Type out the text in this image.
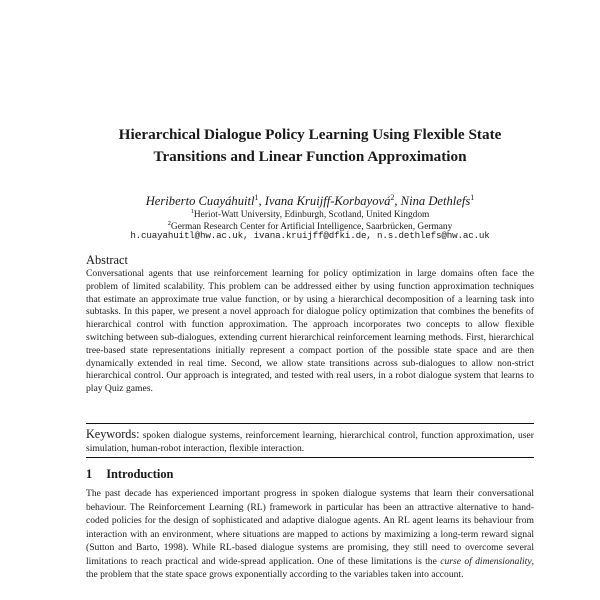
Hierarchical Dialogue Policy Learning Using Flexible State Transitions and Linear Function Approximation
Heriberto Cuayáhuitl$^1$, Ivana Kruijff-Korbayová$^2$, Nina Dethlefs$^1$
$^1$Heriot-Watt University, Edinburgh, Scotland, United Kingdom
$^2$German Research Center for Artificial Intelligence, Saarbrücken, Germany
h.cuayahuitl@hw.ac.uk, ivana.kruijff@dfki.de, n.s.dethlefs@hw.ac.uk
Abstract

Conversational agents that use reinforcement learning for policy optimization in large domains often face the problem of limited scalability. This problem can be addressed either by using function approximation techniques that estimate an approximate true value function, or by using a hierarchical decomposition of a learning task into subtasks. In this paper, we present a novel approach for dialogue policy optimization that combines the benefits of hierarchical control with function approximation. The approach incorporates two concepts to allow flexible switching between sub-dialogues, extending current hierarchical reinforcement learning methods. First, hierarchical tree-based state representations initially represent a compact portion of the possible state space and are then dynamically extended in real time. Second, we allow state transitions across sub-dialogues to allow non-strict hierarchical control. Our approach is integrated, and tested with real users, in a robot dialogue system that learns to play Quiz games.

Keywords: spoken dialogue systems, reinforcement learning, hierarchical control, function approximation, user simulation, human-robot interaction, flexible interaction.

1 Introduction

The past decade has experienced important progress in spoken dialogue systems that learn their conversational behaviour. The Reinforcement Learning (RL) framework in particular has been an attractive alternative to hand-coded policies for the design of sophisticated and adaptive dialogue agents. An RL agent learns its behaviour from interaction with an environment, where situations are mapped to actions by maximizing a long-term reward signal (Sutton and Barto, 1998). While RL-based dialogue systems are promising, they still need to overcome several limitations to reach practical and wide-spread application. One of these limitations is the curse of dimensionality, the problem that the state space grows exponentially according to the variables taken into account.
